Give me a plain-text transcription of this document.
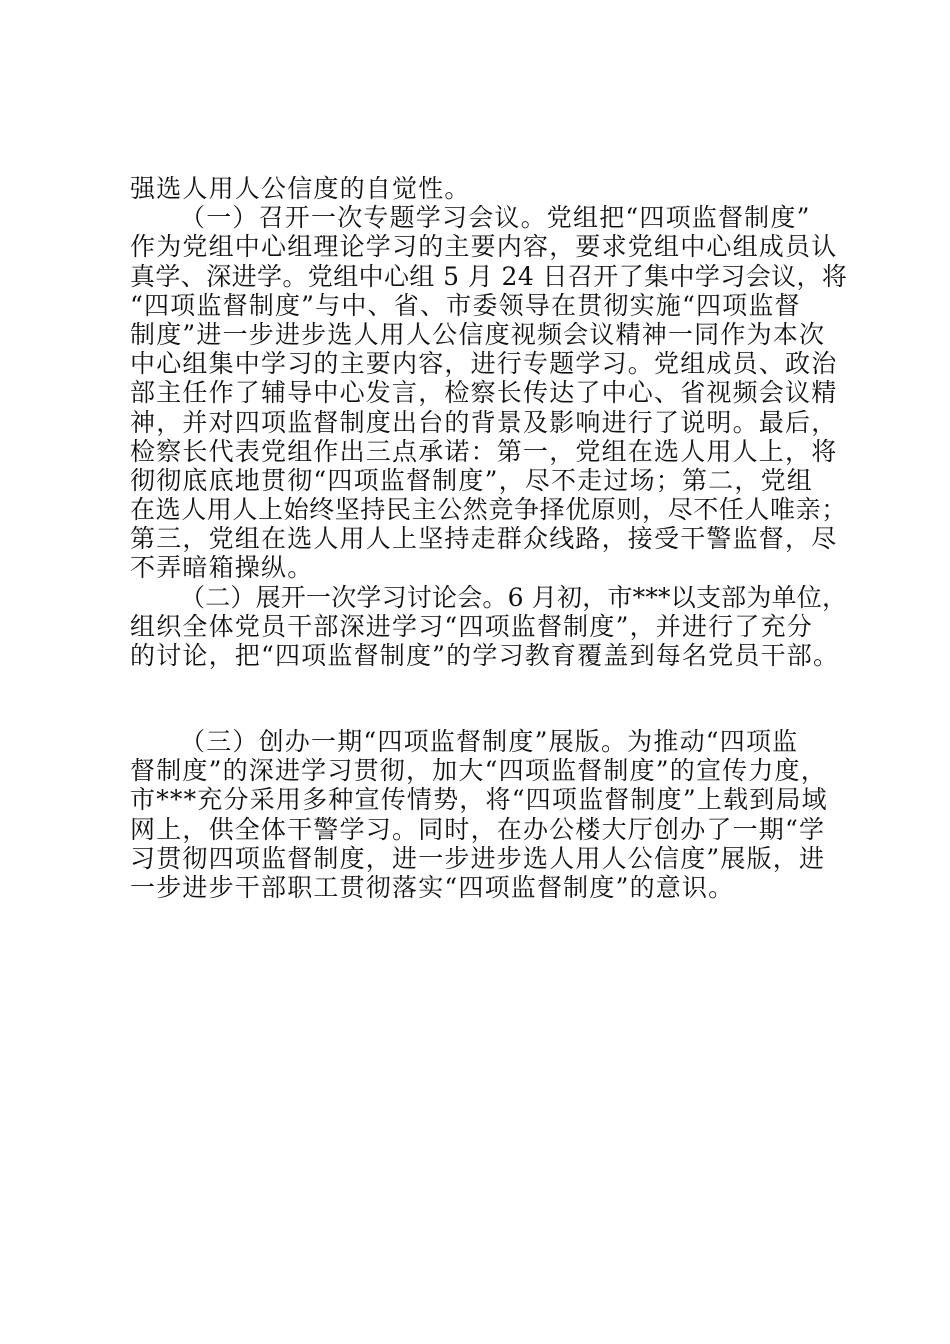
强选人用人公信度的自觉性。
（一）召开一次专题学习会议。党组把“四项监督制度”
作为党组中心组理论学习的主要内容，要求党组中心组成员认
真学、深进学。党组中心组 5 月 24 日召开了集中学习会议，将
“四项监督制度”与中、省、市委领导在贯彻实施“四项监督
制度”进一步进步选人用人公信度视频会议精神一同作为本次
中心组集中学习的主要内容，进行专题学习。党组成员、政治
部主任作了辅导中心发言，检察长传达了中心、省视频会议精
神，并对四项监督制度出台的背景及影响进行了说明。最后，
检察长代表党组作出三点承诺：第一，党组在选人用人上，将
彻彻底底地贯彻“四项监督制度”，尽不走过场；第二，党组
在选人用人上始终坚持民主公然竞争择优原则，尽不任人唯亲；
第三，党组在选人用人上坚持走群众线路，接受干警监督，尽
不弄暗箱操纵。
（二）展开一次学习讨论会。6 月初，市***以支部为单位，
组织全体党员干部深进学习“四项监督制度”，并进行了充分
的讨论，把“四项监督制度”的学习教育覆盖到每名党员干部。
（三）创办一期“四项监督制度”展版。为推动“四项监
督制度”的深进学习贯彻，加大“四项监督制度”的宣传力度，
市***充分采用多种宣传情势，将“四项监督制度”上载到局域
网上，供全体干警学习。同时，在办公楼大厅创办了一期“学
习贯彻四项监督制度，进一步进步选人用人公信度”展版，进
一步进步干部职工贯彻落实“四项监督制度”的意识。
